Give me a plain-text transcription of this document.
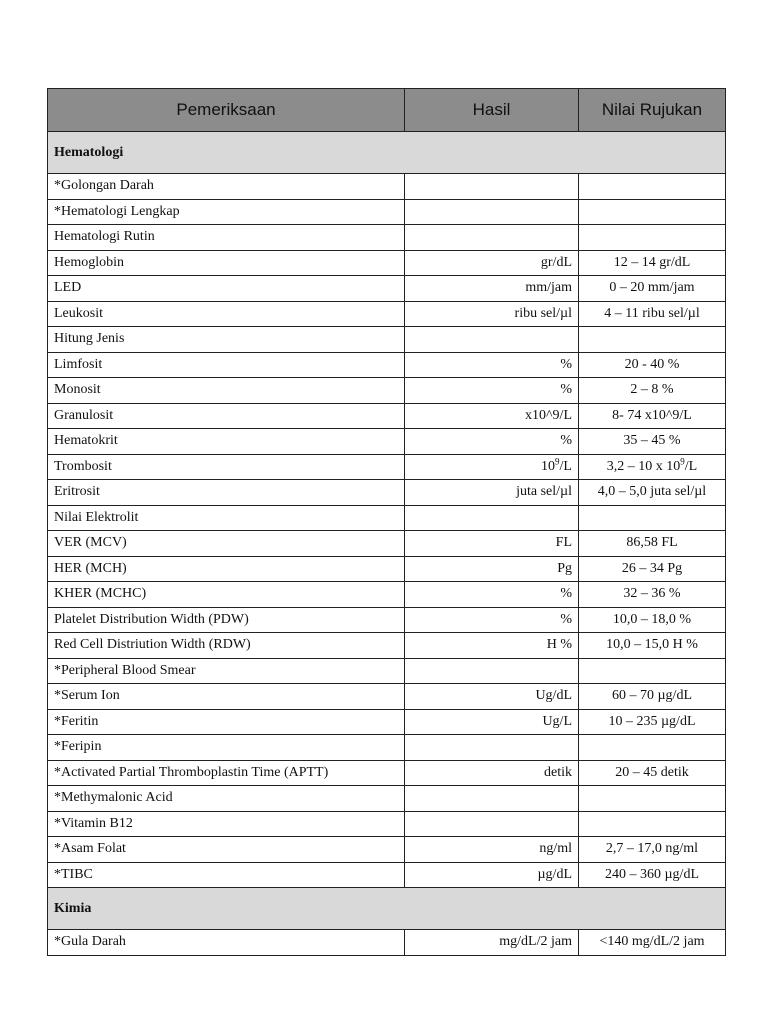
Pemeriksaan	Hasil	Nilai Rujukan
Hematologi		
*Golongan Darah		
*Hematologi Lengkap		
Hematologi Rutin		
Hemoglobin	gr/dL	12 – 14 gr/dL
LED	mm/jam	0 – 20 mm/jam
Leukosit	ribu sel/µl	4 – 11 ribu sel/µl
Hitung Jenis		
Limfosit	%	20 - 40 %
Monosit	%	2 – 8 %
Granulosit	x10^9/L	8- 74 x10^9/L
Hematokrit	%	35 – 45 %
Trombosit	$10^9/L$	3,2 – 10 x $10^9/L$
Eritrosit	juta sel/µl	4,0 – 5,0 juta sel/µl
Nilai Elektrolit		
VER (MCV)	FL	86,58 FL
HER (MCH)	Pg	26 – 34 Pg
KHER (MCHC)	%	32 – 36 %
Platelet Distribution Width (PDW)	%	10,0 – 18,0 %
Red Cell Distriution Width (RDW)	H %	10,0 – 15,0 H %
*Peripheral Blood Smear		
*Serum Ion	Ug/dL	60 – 70 µg/dL
*Feritin	Ug/L	10 – 235 µg/dL
*Feripin		
*Activated Partial Thromboplastin Time (APTT)	detik	20 – 45 detik
*Methymalonic Acid		
*Vitamin B12		
*Asam Folat	ng/ml	2,7 – 17,0 ng/ml
*TIBC	µg/dL	240 – 360 µg/dL
Kimia		
*Gula Darah	mg/dL/2 jam	<140 mg/dL/2 jam
